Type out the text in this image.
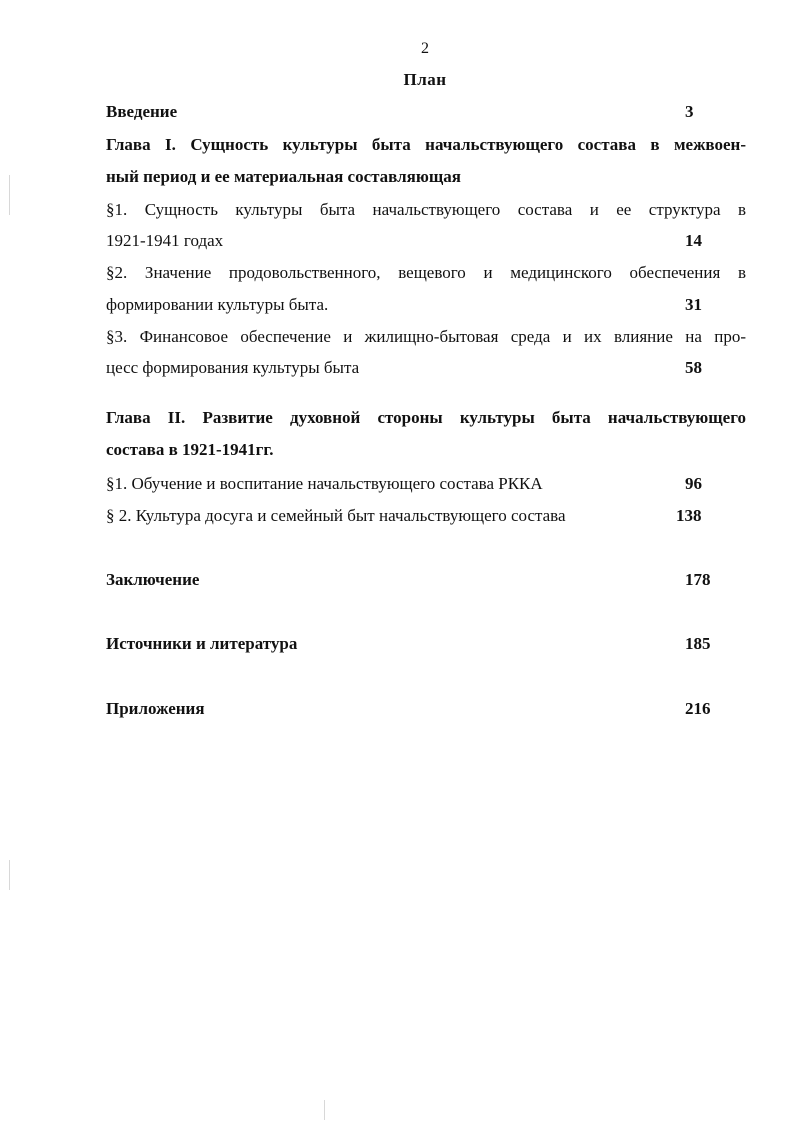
2
План
Введение	3
Глава I. Сущность культуры быта начальствующего состава в межвоен-
ный период и ее материальная составляющая
§1. Сущность культуры быта начальствующего состава и ее структура в
1921-1941 годах	14
§2. Значение продовольственного, вещевого и медицинского обеспечения в
формировании культуры быта.	31
§3. Финансовое обеспечение и жилищно-бытовая среда и их влияние на про-
цесс формирования культуры быта	58
Глава II. Развитие духовной стороны культуры быта начальствующего
состава в 1921-1941гг.
§1. Обучение и воспитание начальствующего состава РККА	96
§ 2. Культура досуга и семейный быт начальствующего состава	138
Заключение	178
Источники и литература	185
Приложения	216
